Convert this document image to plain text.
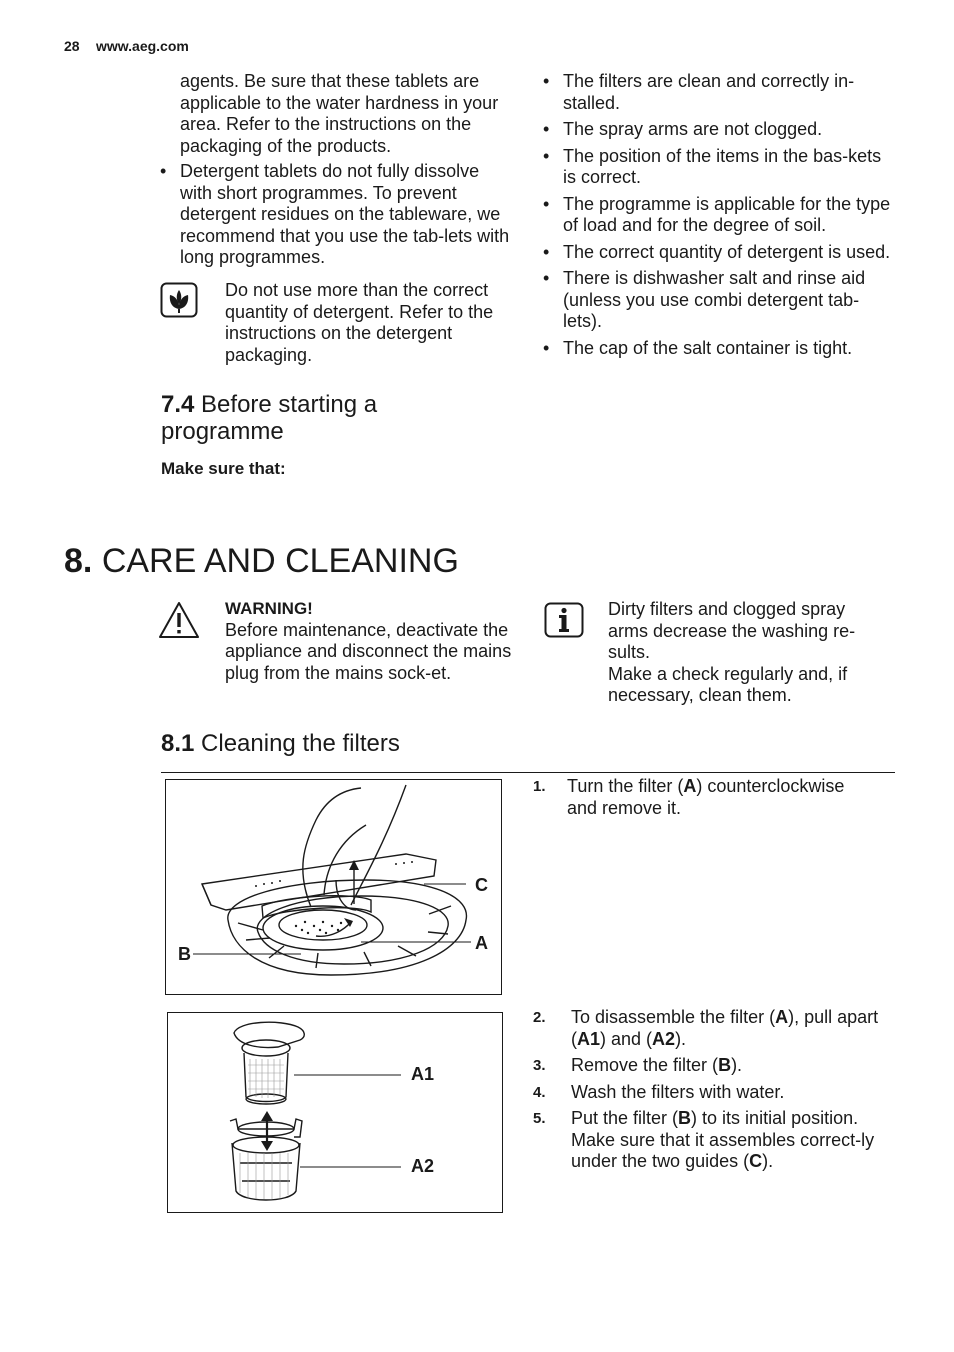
28 www.aeg.com
agents. Be sure that these tablets are applicable to the water hardness in your area. Refer to the instructions on the packaging of the products.
• Detergent tablets do not fully dissolve with short programmes. To prevent detergent residues on the tableware, we recommend that you use the tab-lets with long programmes.
Do not use more than the correct quantity of detergent. Refer to the instructions on the detergent packaging.
7.4 Before starting a programme
Make sure that:
• The filters are clean and correctly in-stalled.
• The spray arms are not clogged.
• The position of the items in the bas-kets is correct.
• The programme is applicable for the type of load and for the degree of soil.
• The correct quantity of detergent is used.
• There is dishwasher salt and rinse aid (unless you use combi detergent tab-lets).
• The cap of the salt container is tight.
8. CARE AND CLEANING
WARNING!
Before maintenance, deactivate the appliance and disconnect the mains plug from the mains sock-et.
Dirty filters and clogged spray arms decrease the washing re-sults.
Make a check regularly and, if necessary, clean them.
8.1 Cleaning the filters
C
A
B
A1
A2
1. Turn the filter (A) counterclockwise and remove it.
2. To disassemble the filter (A), pull apart (A1) and (A2).
3. Remove the filter (B).
4. Wash the filters with water.
5. Put the filter (B) to its initial position. Make sure that it assembles correct-ly under the two guides (C).
